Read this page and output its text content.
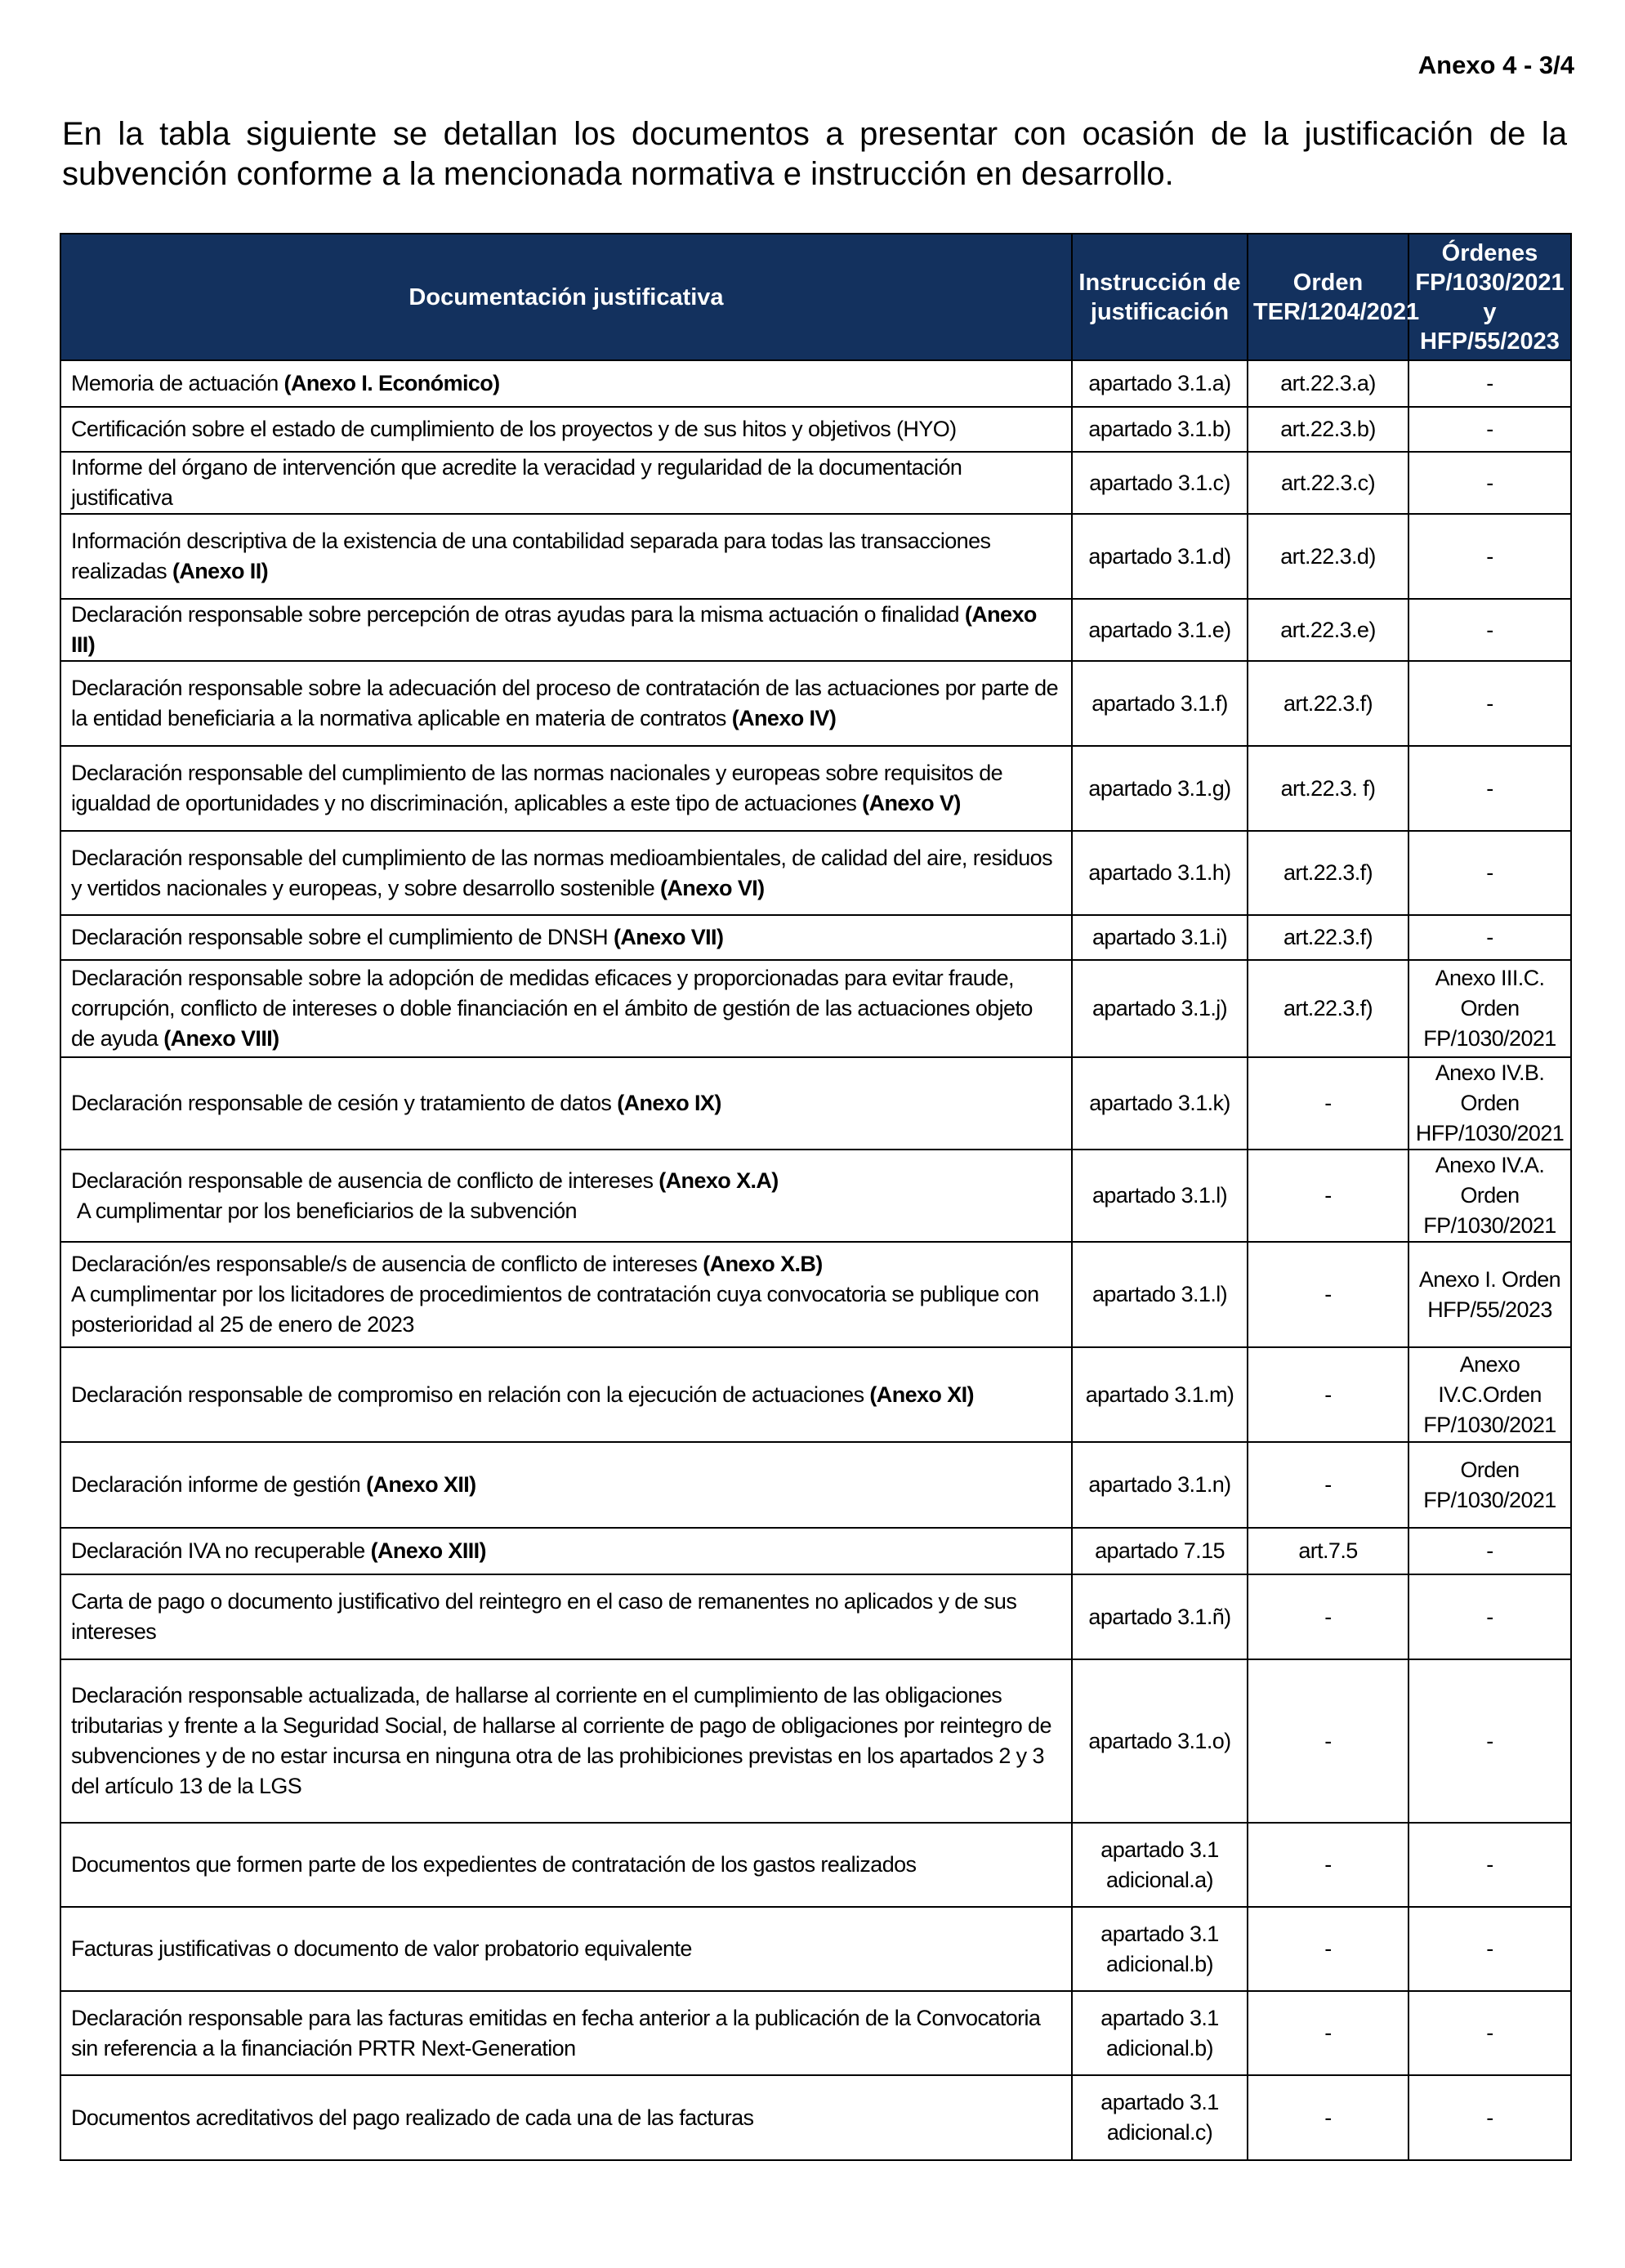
Anexo 4 - 3/4

En la tabla siguiente se detallan los documentos a presentar con ocasión de la justificación de la subvención conforme a la mencionada normativa e instrucción en desarrollo.

Documentación justificativa	Instrucción de justificación	Orden TER/1204/2021	Órdenes FP/1030/2021 y HFP/55/2023

Memoria de actuación (Anexo I. Económico)	apartado 3.1.a)	art.22.3.a)	-

Certificación sobre el estado de cumplimiento de los proyectos y de sus hitos y objetivos (HYO)	apartado 3.1.b)	art.22.3.b)	-

Informe del órgano de intervención que acredite la veracidad y regularidad de la documentación justificativa	apartado 3.1.c)	art.22.3.c)	-

Información descriptiva de la existencia de una contabilidad separada para todas las transacciones realizadas (Anexo II)	apartado 3.1.d)	art.22.3.d)	-

Declaración responsable sobre percepción de otras ayudas para la misma actuación o finalidad (Anexo III)	apartado 3.1.e)	art.22.3.e)	-

Declaración responsable sobre la adecuación del proceso de contratación de las actuaciones por parte de la entidad beneficiaria a la normativa aplicable en materia de contratos (Anexo IV)	apartado 3.1.f)	art.22.3.f)	-

Declaración responsable del cumplimiento de las normas nacionales y europeas sobre requisitos de igualdad de oportunidades y no discriminación, aplicables a este tipo de actuaciones (Anexo V)	apartado 3.1.g)	art.22.3. f)	-

Declaración responsable del cumplimiento de las normas medioambientales, de calidad del aire, residuos y vertidos nacionales y europeas, y sobre desarrollo sostenible (Anexo VI)	apartado 3.1.h)	art.22.3.f)	-

Declaración responsable sobre el cumplimiento de DNSH (Anexo VII)	apartado 3.1.i)	art.22.3.f)	-

Declaración responsable sobre la adopción de medidas eficaces y proporcionadas para evitar fraude, corrupción, conflicto de intereses o doble financiación en el ámbito de gestión de las actuaciones objeto de ayuda (Anexo VIII)	apartado 3.1.j)	art.22.3.f)	Anexo III.C. Orden FP/1030/2021

Declaración responsable de cesión y tratamiento de datos (Anexo IX)	apartado 3.1.k)	-	Anexo IV.B. Orden HFP/1030/2021

Declaración responsable de ausencia de conflicto de intereses (Anexo X.A)
A cumplimentar por los beneficiarios de la subvención	apartado 3.1.l)	-	Anexo IV.A. Orden FP/1030/2021

Declaración/es responsable/s de ausencia de conflicto de intereses (Anexo X.B)
A cumplimentar por los licitadores de procedimientos de contratación cuya convocatoria se publique con posterioridad al 25 de enero de 2023	apartado 3.1.l)	-	Anexo I. Orden HFP/55/2023

Declaración responsable de compromiso en relación con la ejecución de actuaciones (Anexo XI)	apartado 3.1.m)	-	Anexo IV.C.Orden FP/1030/2021

Declaración informe de gestión (Anexo XII)	apartado 3.1.n)	-	Orden FP/1030/2021

Declaración IVA no recuperable (Anexo XIII)	apartado 7.15	art.7.5	-

Carta de pago o documento justificativo del reintegro en el caso de remanentes no aplicados y de sus intereses	apartado 3.1.ñ)	-	-

Declaración responsable actualizada, de hallarse al corriente en el cumplimiento de las obligaciones tributarias y frente a la Seguridad Social, de hallarse al corriente de pago de obligaciones por reintegro de subvenciones y de no estar incursa en ninguna otra de las prohibiciones previstas en los apartados 2 y 3 del artículo 13 de la LGS	apartado 3.1.o)	-	-

Documentos que formen parte de los expedientes de contratación de los gastos realizados	apartado 3.1 adicional.a)	-	-

Facturas justificativas o documento de valor probatorio equivalente	apartado 3.1 adicional.b)	-	-

Declaración responsable para las facturas emitidas en fecha anterior a la publicación de la Convocatoria sin referencia a la financiación PRTR Next-Generation	apartado 3.1 adicional.b)	-	-

Documentos acreditativos del pago realizado de cada una de las facturas	apartado 3.1 adicional.c)	-	-
